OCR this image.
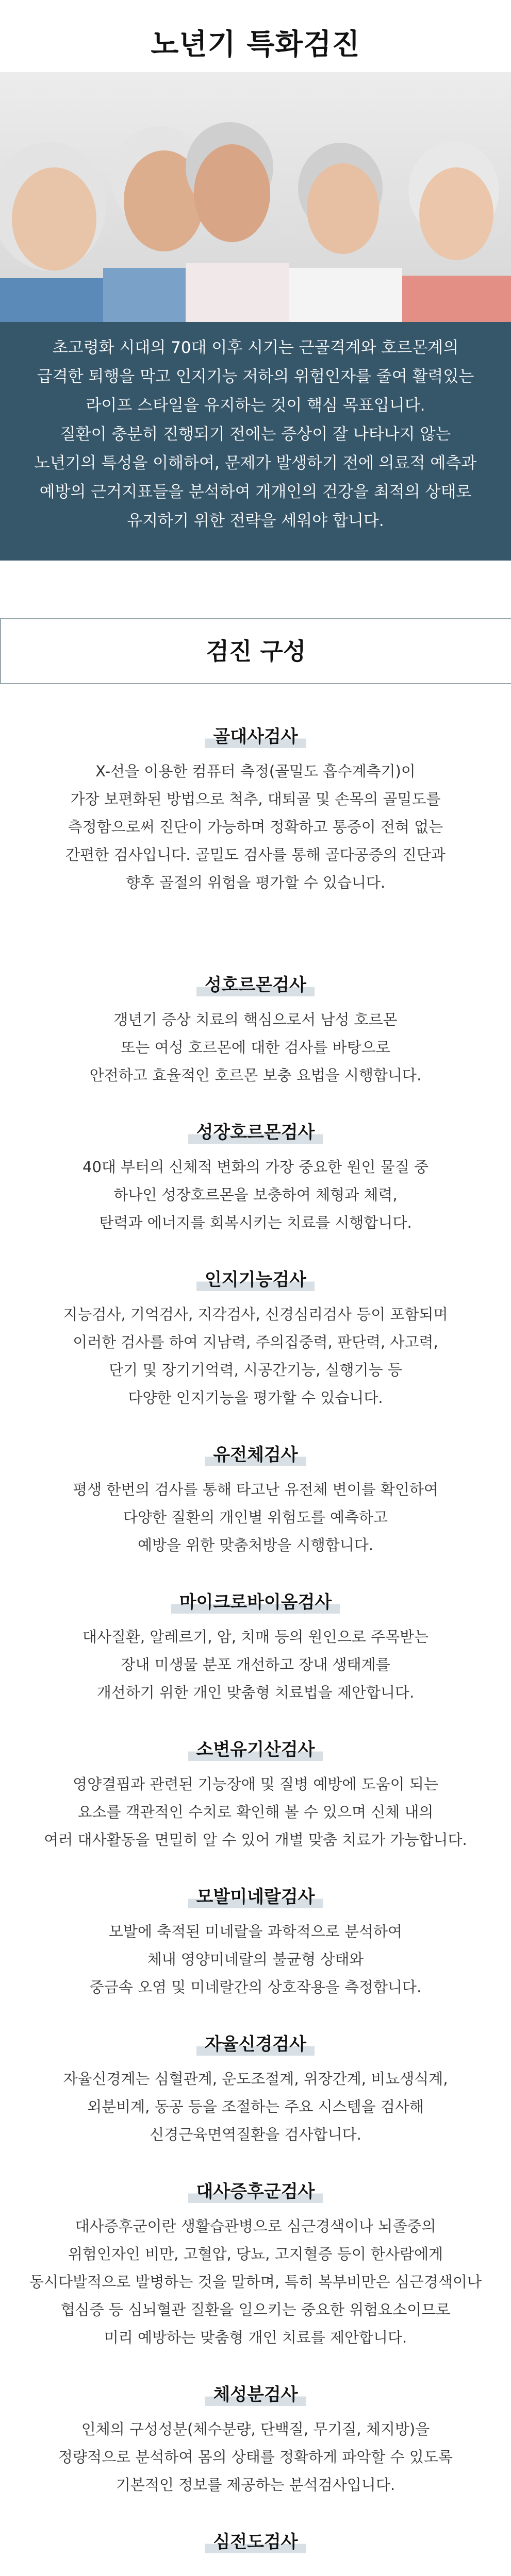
노년기 특화검진

초고령화 시대의 70대 이후 시기는 근골격계와 호르몬계의

급격한 퇴행을 막고 인지기능 저하의 위험인자를 줄여 활력있는

라이프 스타일을 유지하는 것이 핵심 목표입니다.

질환이 충분히 진행되기 전에는 증상이 잘 나타나지 않는

노년기의 특성을 이해하여, 문제가 발생하기 전에 의료적 예측과

예방의 근거지표들을 분석하여 개개인의 건강을 최적의 상태로

유지하기 위한 전략을 세워야 합니다.

검진 구성
골대사검사

X-선을 이용한 컴퓨터 측정(골밀도 흡수계측기)이

가장 보편화된 방법으로 척추, 대퇴골 및 손목의 골밀도를

측정함으로써 진단이 가능하며 정확하고 통증이 전혀 없는

간편한 검사입니다. 골밀도 검사를 통해 골다공증의 진단과

향후 골절의 위험을 평가할 수 있습니다.

성호르몬검사

갱년기 증상 치료의 핵심으로서 남성 호르몬

또는 여성 호르몬에 대한 검사를 바탕으로

안전하고 효율적인 호르몬 보충 요법을 시행합니다.

성장호르몬검사

40대 부터의 신체적 변화의 가장 중요한 원인 물질 중

하나인 성장호르몬을 보충하여 체형과 체력,

탄력과 에너지를 회복시키는 치료를 시행합니다.

인지기능검사

지능검사, 기억검사, 지각검사, 신경심리검사 등이 포함되며

이러한 검사를 하여 지남력, 주의집중력, 판단력, 사고력,

단기 및 장기기억력, 시공간기능, 실행기능 등

다양한 인지기능을 평가할 수 있습니다.

유전체검사

평생 한번의 검사를 통해 타고난 유전체 변이를 확인하여

다양한 질환의 개인별 위험도를 예측하고

예방을 위한 맞춤처방을 시행합니다.

마이크로바이옴검사

대사질환, 알레르기, 암, 치매 등의 원인으로 주목받는

장내 미생물 분포 개선하고 장내 생태계를

개선하기 위한 개인 맞춤형 치료법을 제안합니다.

소변유기산검사

영양결핍과 관련된 기능장애 및 질병 예방에 도움이 되는

요소를 객관적인 수치로 확인해 볼 수 있으며 신체 내의

여러 대사활동을 면밀히 알 수 있어 개별 맞춤 치료가 가능합니다.

모발미네랄검사

모발에 축적된 미네랄을 과학적으로 분석하여

체내 영양미네랄의 불균형 상태와

중금속 오염 및 미네랄간의 상호작용을 측정합니다.

자율신경검사

자율신경계는 심혈관계, 운도조절계, 위장간계, 비뇨생식계,

외분비계, 동공 등을 조절하는 주요 시스템을 검사해

신경근육면역질환을 검사합니다.

대사증후군검사

대사증후군이란 생활습관병으로 심근경색이나 뇌졸중의

위험인자인 비만, 고혈압, 당뇨, 고지혈증 등이 한사람에게

동시다발적으로 발병하는 것을 말하며, 특히 복부비만은 심근경색이나

협심증 등 심뇌혈관 질환을 일으키는 중요한 위험요소이므로

미리 예방하는 맞춤형 개인 치료를 제안합니다.

체성분검사

인체의 구성성분(체수분량, 단백질, 무기질, 체지방)을

정량적으로 분석하여 몸의 상태를 정확하게 파악할 수 있도록

기본적인 정보를 제공하는 분석검사입니다.

심전도검사
